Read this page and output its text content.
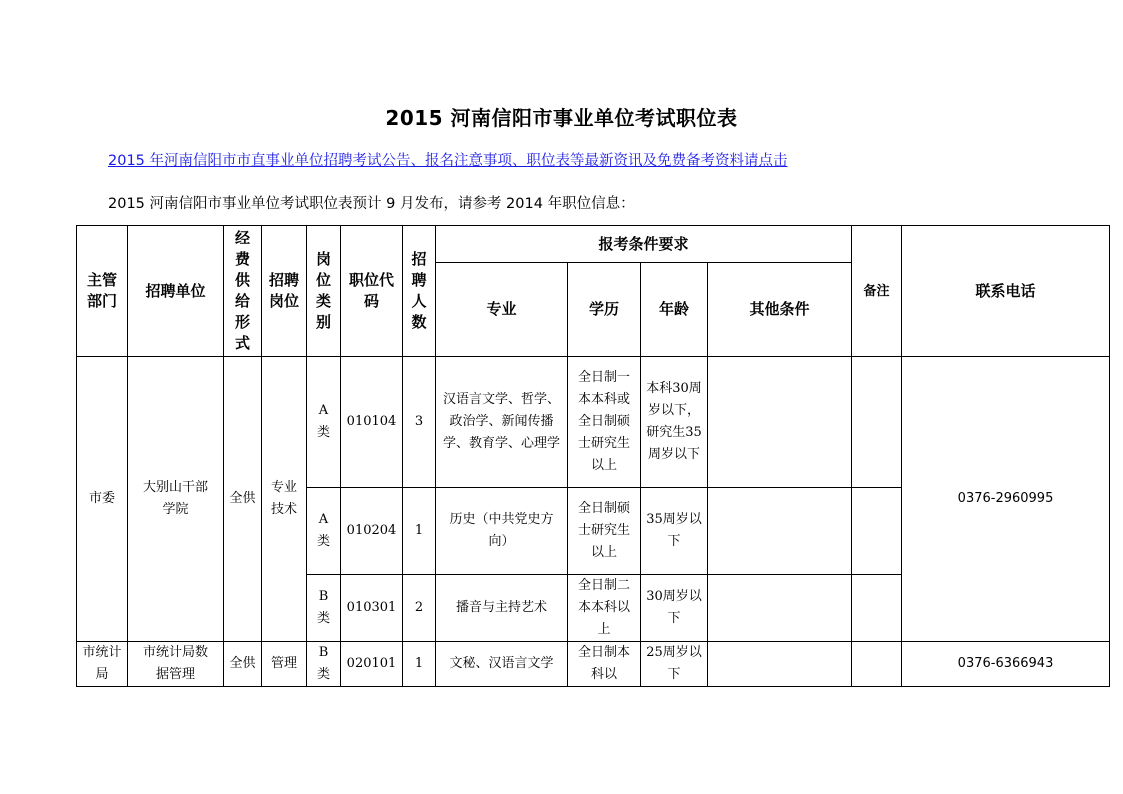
2015 河南信阳市事业单位考试职位表
2015 年河南信阳市市直事业单位招聘考试公告、报名注意事项、职位表等最新资讯及免费备考资料请点击
2015 河南信阳市事业单位考试职位表预计 9 月发布，请参考 2014 年职位信息：
主管部门	招聘单位	经费供给形式	招聘岗位	岗位类别	职位代码	招聘人数	报考条件要求				备注	联系电话
							专业	学历	年龄	其他条件		
市委	大别山干部学院	全供	专业技术	A类	010104	3	汉语言文学、哲学、政治学、新闻传播学、教育学、心理学	全日制一本本科或全日制硕士研究生以上	本科30周岁以下，研究生35周岁以下			0376-2960995

				A类	010204	1	历史（中共党史方向）	全日制硕士研究生以上	35周岁以下			

				B类	010301	2	播音与主持艺术	全日制二本本科以上	30周岁以下			

市统计局	市统计局数据管理	全供	管理	B类	020101	1	文秘、汉语言文学	全日制本科以	25周岁以下			0376-6366943
